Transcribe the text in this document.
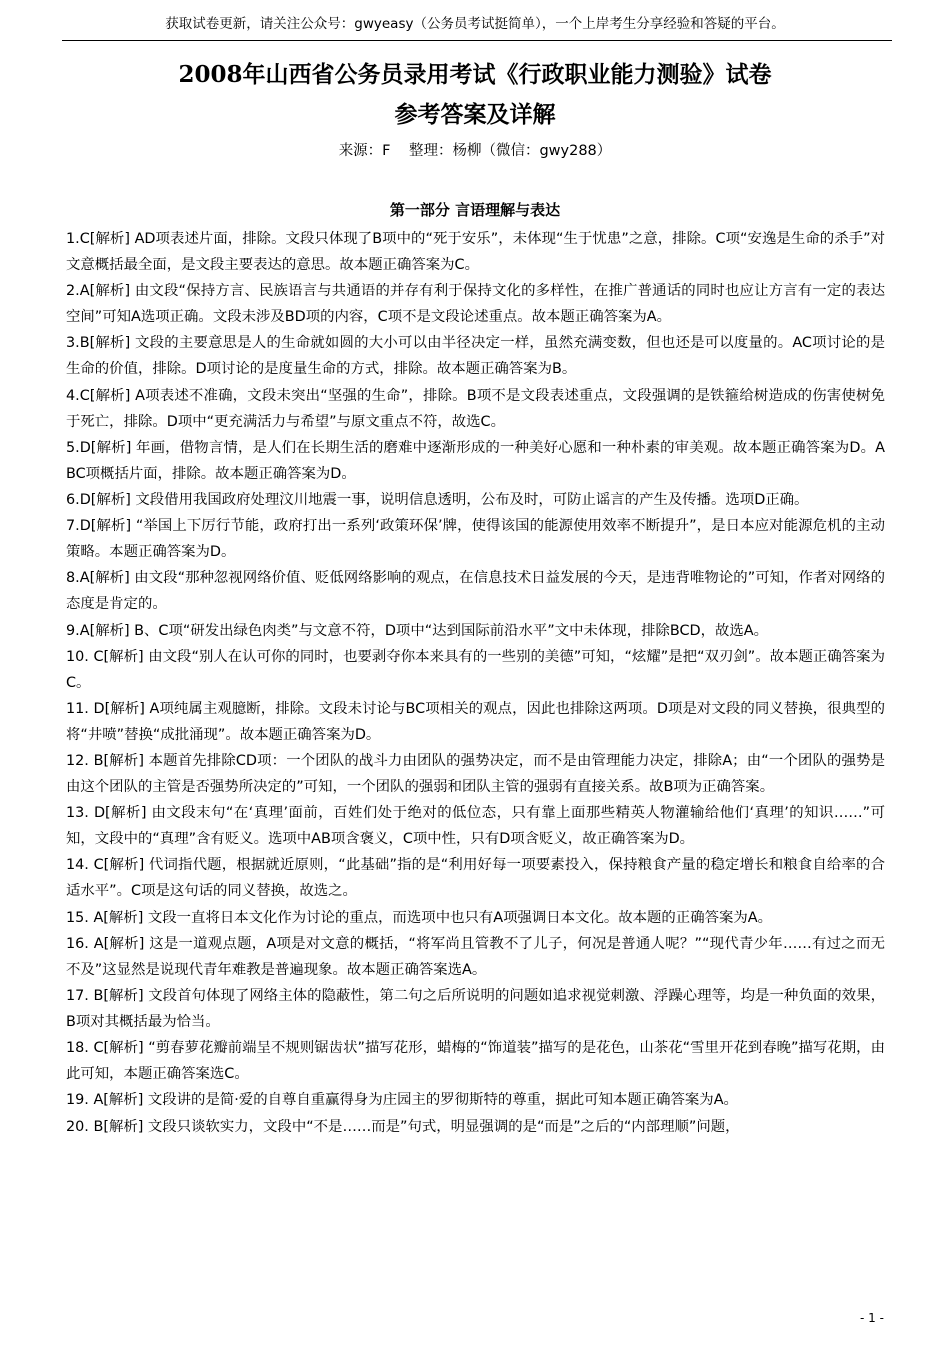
获取试卷更新，请关注公众号：gwyeasy（公务员考试挺简单），一个上岸考生分享经验和答疑的平台。
2008年山西省公务员录用考试《行政职业能力测验》试卷
参考答案及详解
来源：F    整理：杨柳（微信：gwy288）
第一部分 言语理解与表达

1.C[解析] AD项表述片面，排除。文段只体现了B项中的“死于安乐”，未体现“生于忧患”之意，排除。C项“安逸是生命的杀手”对文意概括最全面，是文段主要表达的意思。故本题正确答案为C。

2.A[解析] 由文段“保持方言、民族语言与共通语的并存有利于保持文化的多样性，在推广普通话的同时也应让方言有一定的表达空间”可知A选项正确。文段未涉及BD项的内容，C项不是文段论述重点。故本题正确答案为A。

3.B[解析] 文段的主要意思是人的生命就如圆的大小可以由半径决定一样，虽然充满变数，但也还是可以度量的。AC项讨论的是生命的价值，排除。D项讨论的是度量生命的方式，排除。故本题正确答案为B。

4.C[解析] A项表述不准确，文段未突出“坚强的生命”，排除。B项不是文段表述重点，文段强调的是铁箍给树造成的伤害使树免于死亡，排除。D项中“更充满活力与希望”与原文重点不符，故选C。

5.D[解析] 年画，借物言情，是人们在长期生活的磨难中逐渐形成的一种美好心愿和一种朴素的审美观。故本题正确答案为D。ABC项概括片面，排除。故本题正确答案为D。

6.D[解析] 文段借用我国政府处理汶川地震一事，说明信息透明，公布及时，可防止谣言的产生及传播。选项D正确。

7.D[解析] “举国上下厉行节能，政府打出一系列‘政策环保’牌，使得该国的能源使用效率不断提升”，是日本应对能源危机的主动策略。本题正确答案为D。

8.A[解析] 由文段“那种忽视网络价值、贬低网络影响的观点，在信息技术日益发展的今天，是违背唯物论的”可知，作者对网络的态度是肯定的。

9.A[解析] B、C项“研发出绿色肉类”与文意不符，D项中“达到国际前沿水平”文中未体现，排除BCD，故选A。

10. C[解析] 由文段“别人在认可你的同时，也要剥夺你本来具有的一些别的美德”可知，“炫耀”是把“双刃剑”。故本题正确答案为C。

11. D[解析] A项纯属主观臆断，排除。文段未讨论与BC项相关的观点，因此也排除这两项。D项是对文段的同义替换，很典型的将“井喷”替换“成批涌现”。故本题正确答案为D。

12. B[解析] 本题首先排除CD项：一个团队的战斗力由团队的强势决定，而不是由管理能力决定，排除A；由“一个团队的强势是由这个团队的主管是否强势所决定的”可知，一个团队的强弱和团队主管的强弱有直接关系。故B项为正确答案。

13. D[解析] 由文段末句“在‘真理’面前，百姓们处于绝对的低位态，只有靠上面那些精英人物灌输给他们‘真理’的知识……”可知，文段中的“真理”含有贬义。选项中AB项含褒义，C项中性，只有D项含贬义，故正确答案为D。

14. C[解析] 代词指代题，根据就近原则，“此基础”指的是“利用好每一项要素投入，保持粮食产量的稳定增长和粮食自给率的合适水平”。C项是这句话的同义替换，故选之。

15. A[解析] 文段一直将日本文化作为讨论的重点，而选项中也只有A项强调日本文化。故本题的正确答案为A。

16. A[解析] 这是一道观点题，A项是对文意的概括，“将军尚且管教不了儿子，何况是普通人呢？”“现代青少年……有过之而无不及”这显然是说现代青年难教是普遍现象。故本题正确答案选A。

17. B[解析] 文段首句体现了网络主体的隐蔽性，第二句之后所说明的问题如追求视觉刺激、浮躁心理等，均是一种负面的效果，B项对其概括最为恰当。

18. C[解析] “剪春萝花瓣前端呈不规则锯齿状”描写花形，蜡梅的“饰道装”描写的是花色，山茶花“雪里开花到春晚”描写花期，由此可知，本题正确答案选C。

19. A[解析] 文段讲的是简·爱的自尊自重赢得身为庄园主的罗彻斯特的尊重，据此可知本题正确答案为A。

20. B[解析] 文段只谈软实力，文段中“不是……而是”句式，明显强调的是“而是”之后的“内部理顺”问题，

- 1 -
